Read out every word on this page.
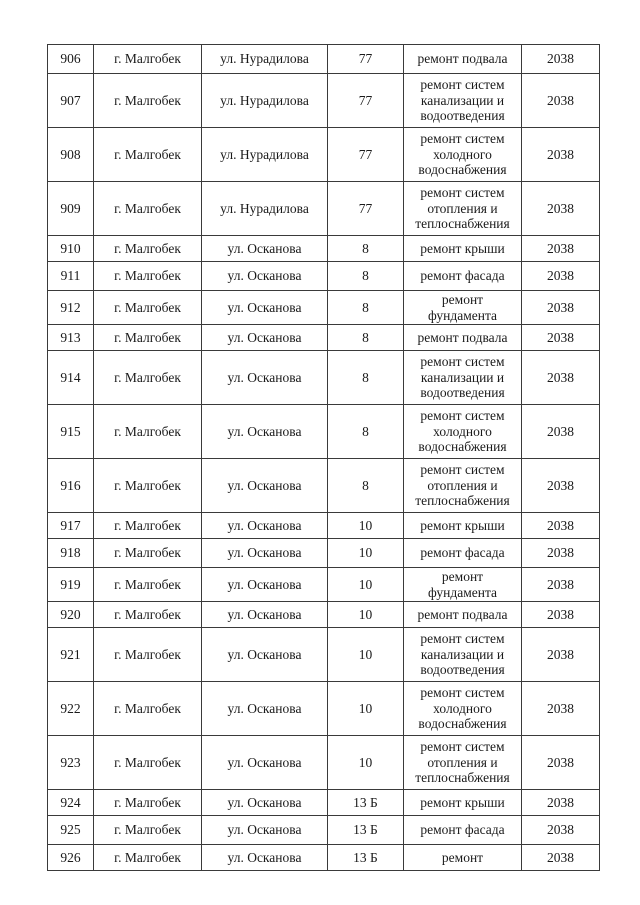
906	г. Малгобек	ул. Нурадилова	77	ремонт подвала	2038
907	г. Малгобек	ул. Нурадилова	77	ремонт систем канализации и водоотведения	2038
908	г. Малгобек	ул. Нурадилова	77	ремонт систем холодного водоснабжения	2038
909	г. Малгобек	ул. Нурадилова	77	ремонт систем отопления и теплоснабжения	2038
910	г. Малгобек	ул. Осканова	8	ремонт крыши	2038
911	г. Малгобек	ул. Осканова	8	ремонт фасада	2038
912	г. Малгобек	ул. Осканова	8	ремонт фундамента	2038
913	г. Малгобек	ул. Осканова	8	ремонт подвала	2038
914	г. Малгобек	ул. Осканова	8	ремонт систем канализации и водоотведения	2038
915	г. Малгобек	ул. Осканова	8	ремонт систем холодного водоснабжения	2038
916	г. Малгобек	ул. Осканова	8	ремонт систем отопления и теплоснабжения	2038
917	г. Малгобек	ул. Осканова	10	ремонт крыши	2038
918	г. Малгобек	ул. Осканова	10	ремонт фасада	2038
919	г. Малгобек	ул. Осканова	10	ремонт фундамента	2038
920	г. Малгобек	ул. Осканова	10	ремонт подвала	2038
921	г. Малгобек	ул. Осканова	10	ремонт систем канализации и водоотведения	2038
922	г. Малгобек	ул. Осканова	10	ремонт систем холодного водоснабжения	2038
923	г. Малгобек	ул. Осканова	10	ремонт систем отопления и теплоснабжения	2038
924	г. Малгобек	ул. Осканова	13 Б	ремонт крыши	2038
925	г. Малгобек	ул. Осканова	13 Б	ремонт фасада	2038
926	г. Малгобек	ул. Осканова	13 Б	ремонт	2038
